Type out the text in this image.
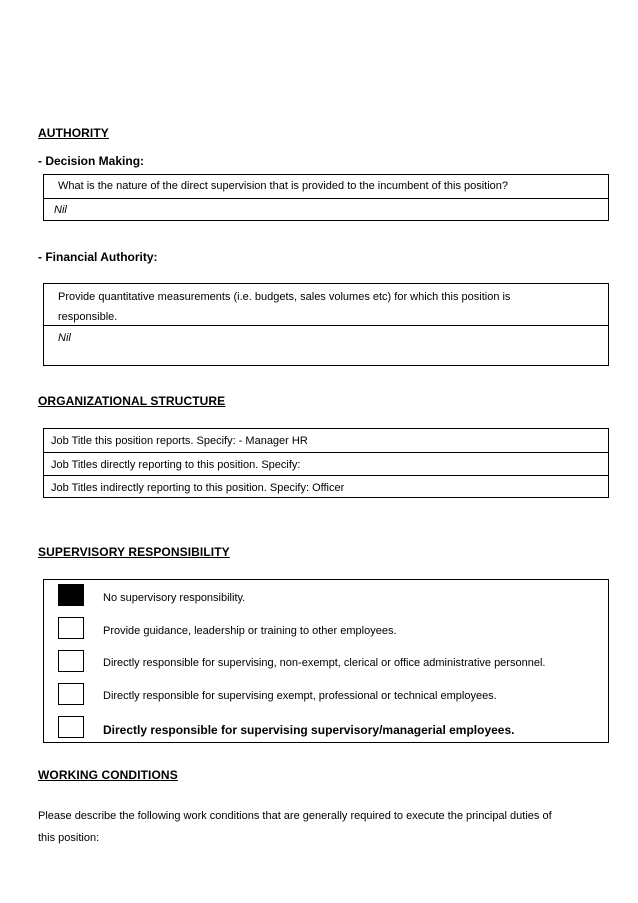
AUTHORITY
- Decision Making:
What is the nature of the direct supervision that is provided to the incumbent of this position?
Nil
- Financial Authority:
Provide quantitative measurements (i.e. budgets, sales volumes etc) for which this position is
responsible.
Nil
ORGANIZATIONAL STRUCTURE
Job Title this position reports. Specify: - Manager HR
Job Titles directly reporting to this position. Specify:
Job Titles indirectly reporting to this position. Specify: Officer
SUPERVISORY RESPONSIBILITY
No supervisory responsibility.
Provide guidance, leadership or training to other employees.
Directly responsible for supervising, non-exempt, clerical or office administrative personnel.
Directly responsible for supervising exempt, professional or technical employees.
Directly responsible for supervising supervisory/managerial employees.
WORKING CONDITIONS
Please describe the following work conditions that are generally required to execute the principal duties of
this position:
